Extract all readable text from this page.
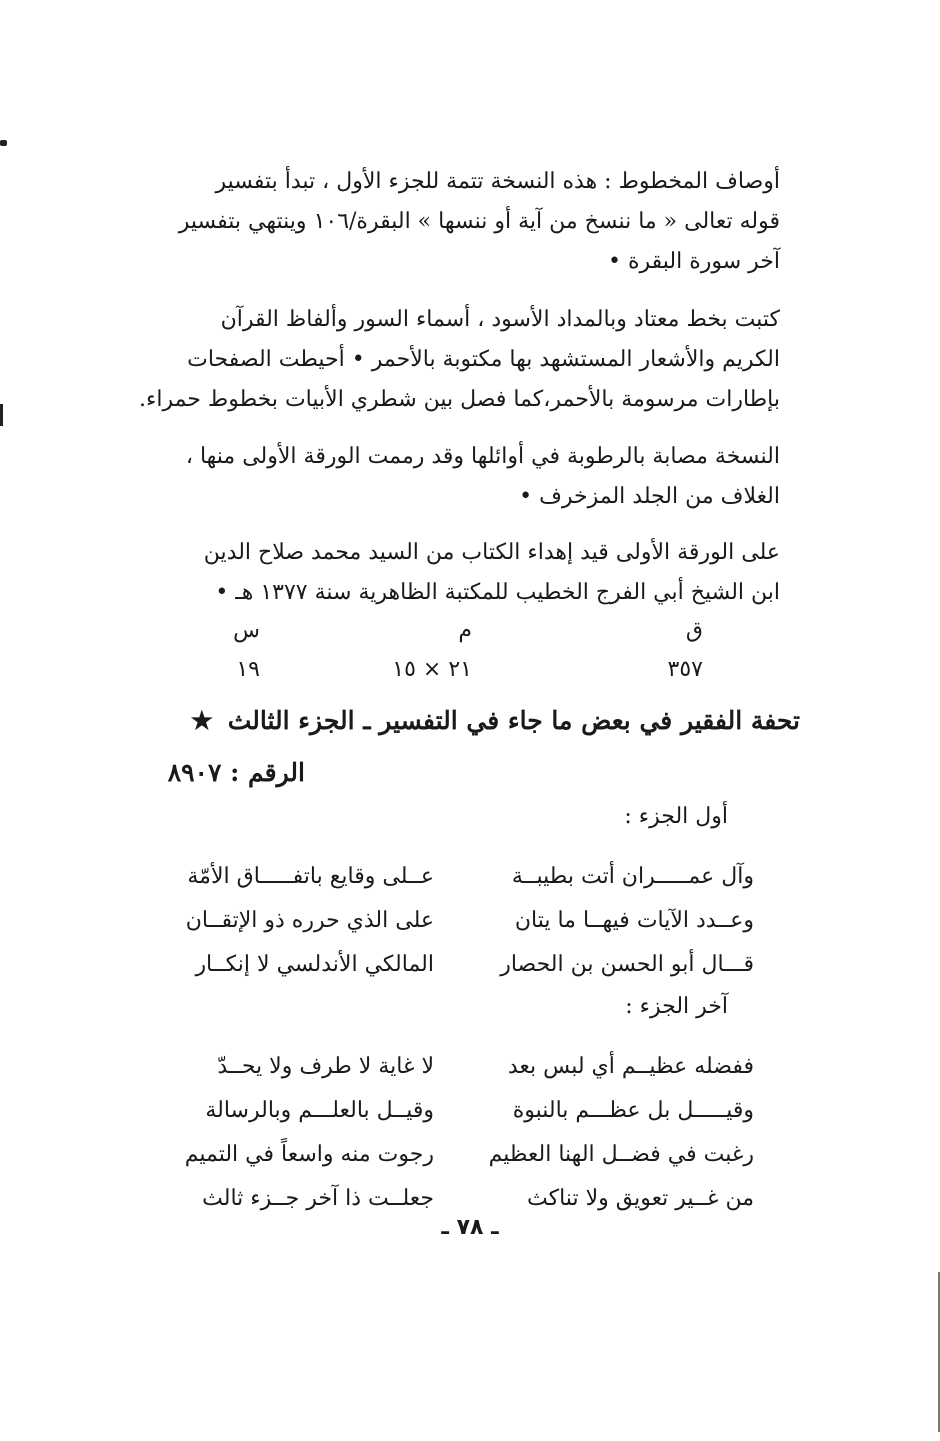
أوصاف المخطوط : هذه النسخة تتمة للجزء الأول ، تبدأ بتفسير
قوله تعالى « ما ننسخ من آية أو ننسها » البقرة/١٠٦ وينتهي بتفسير
آخر سورة البقرة •
كتبت بخط معتاد وبالمداد الأسود ، أسماء السور وألفاظ القرآن
الكريم والأشعار المستشهد بها مكتوبة بالأحمر • أحيطت الصفحات
بإطارات مرسومة بالأحمر،كما فصل بين شطري الأبيات بخطوط حمراء.
النسخة مصابة بالرطوبة في أوائلها وقد رممت الورقة الأولى منها ،
الغلاف من الجلد المزخرف •
على الورقة الأولى قيد إهداء الكتاب من السيد محمد صلاح الدين
ابن الشيخ أبي الفرج الخطيب للمكتبة الظاهرية سنة ١٣٧٧ هـ •
ق
م
س
٣٥٧
٢١ × ١٥
١٩
تحفة الفقير في بعض ما جاء في التفسير ـ الجزء الثالث ★
الرقم : ٨٩٠٧
أول الجزء :
وآل عمـــــران أتت بطيبــة
عــلى وقايع باتفـــــاق الأمّة
وعــدد الآيات فيهــا ما يتان
على الذي حرره ذو الإتقــان
قـــال أبو الحسن بن الحصار
المالكي الأندلسي لا إنكــار
آخر الجزء :
ففضله عظيــم أي لبس بعد
لا غاية لا طرف ولا يحــدّ
وقيـــــل بل عظـــم بالنبوة
وقيــل بالعلـــم وبالرسالة
رغبت في فضــل الهنا العظيم
رجوت منه واسعاً في التميم
من غــير تعويق ولا تناكث
جعلــت ذا آخر جــزء ثالث
ـ ٧٨ ـ
